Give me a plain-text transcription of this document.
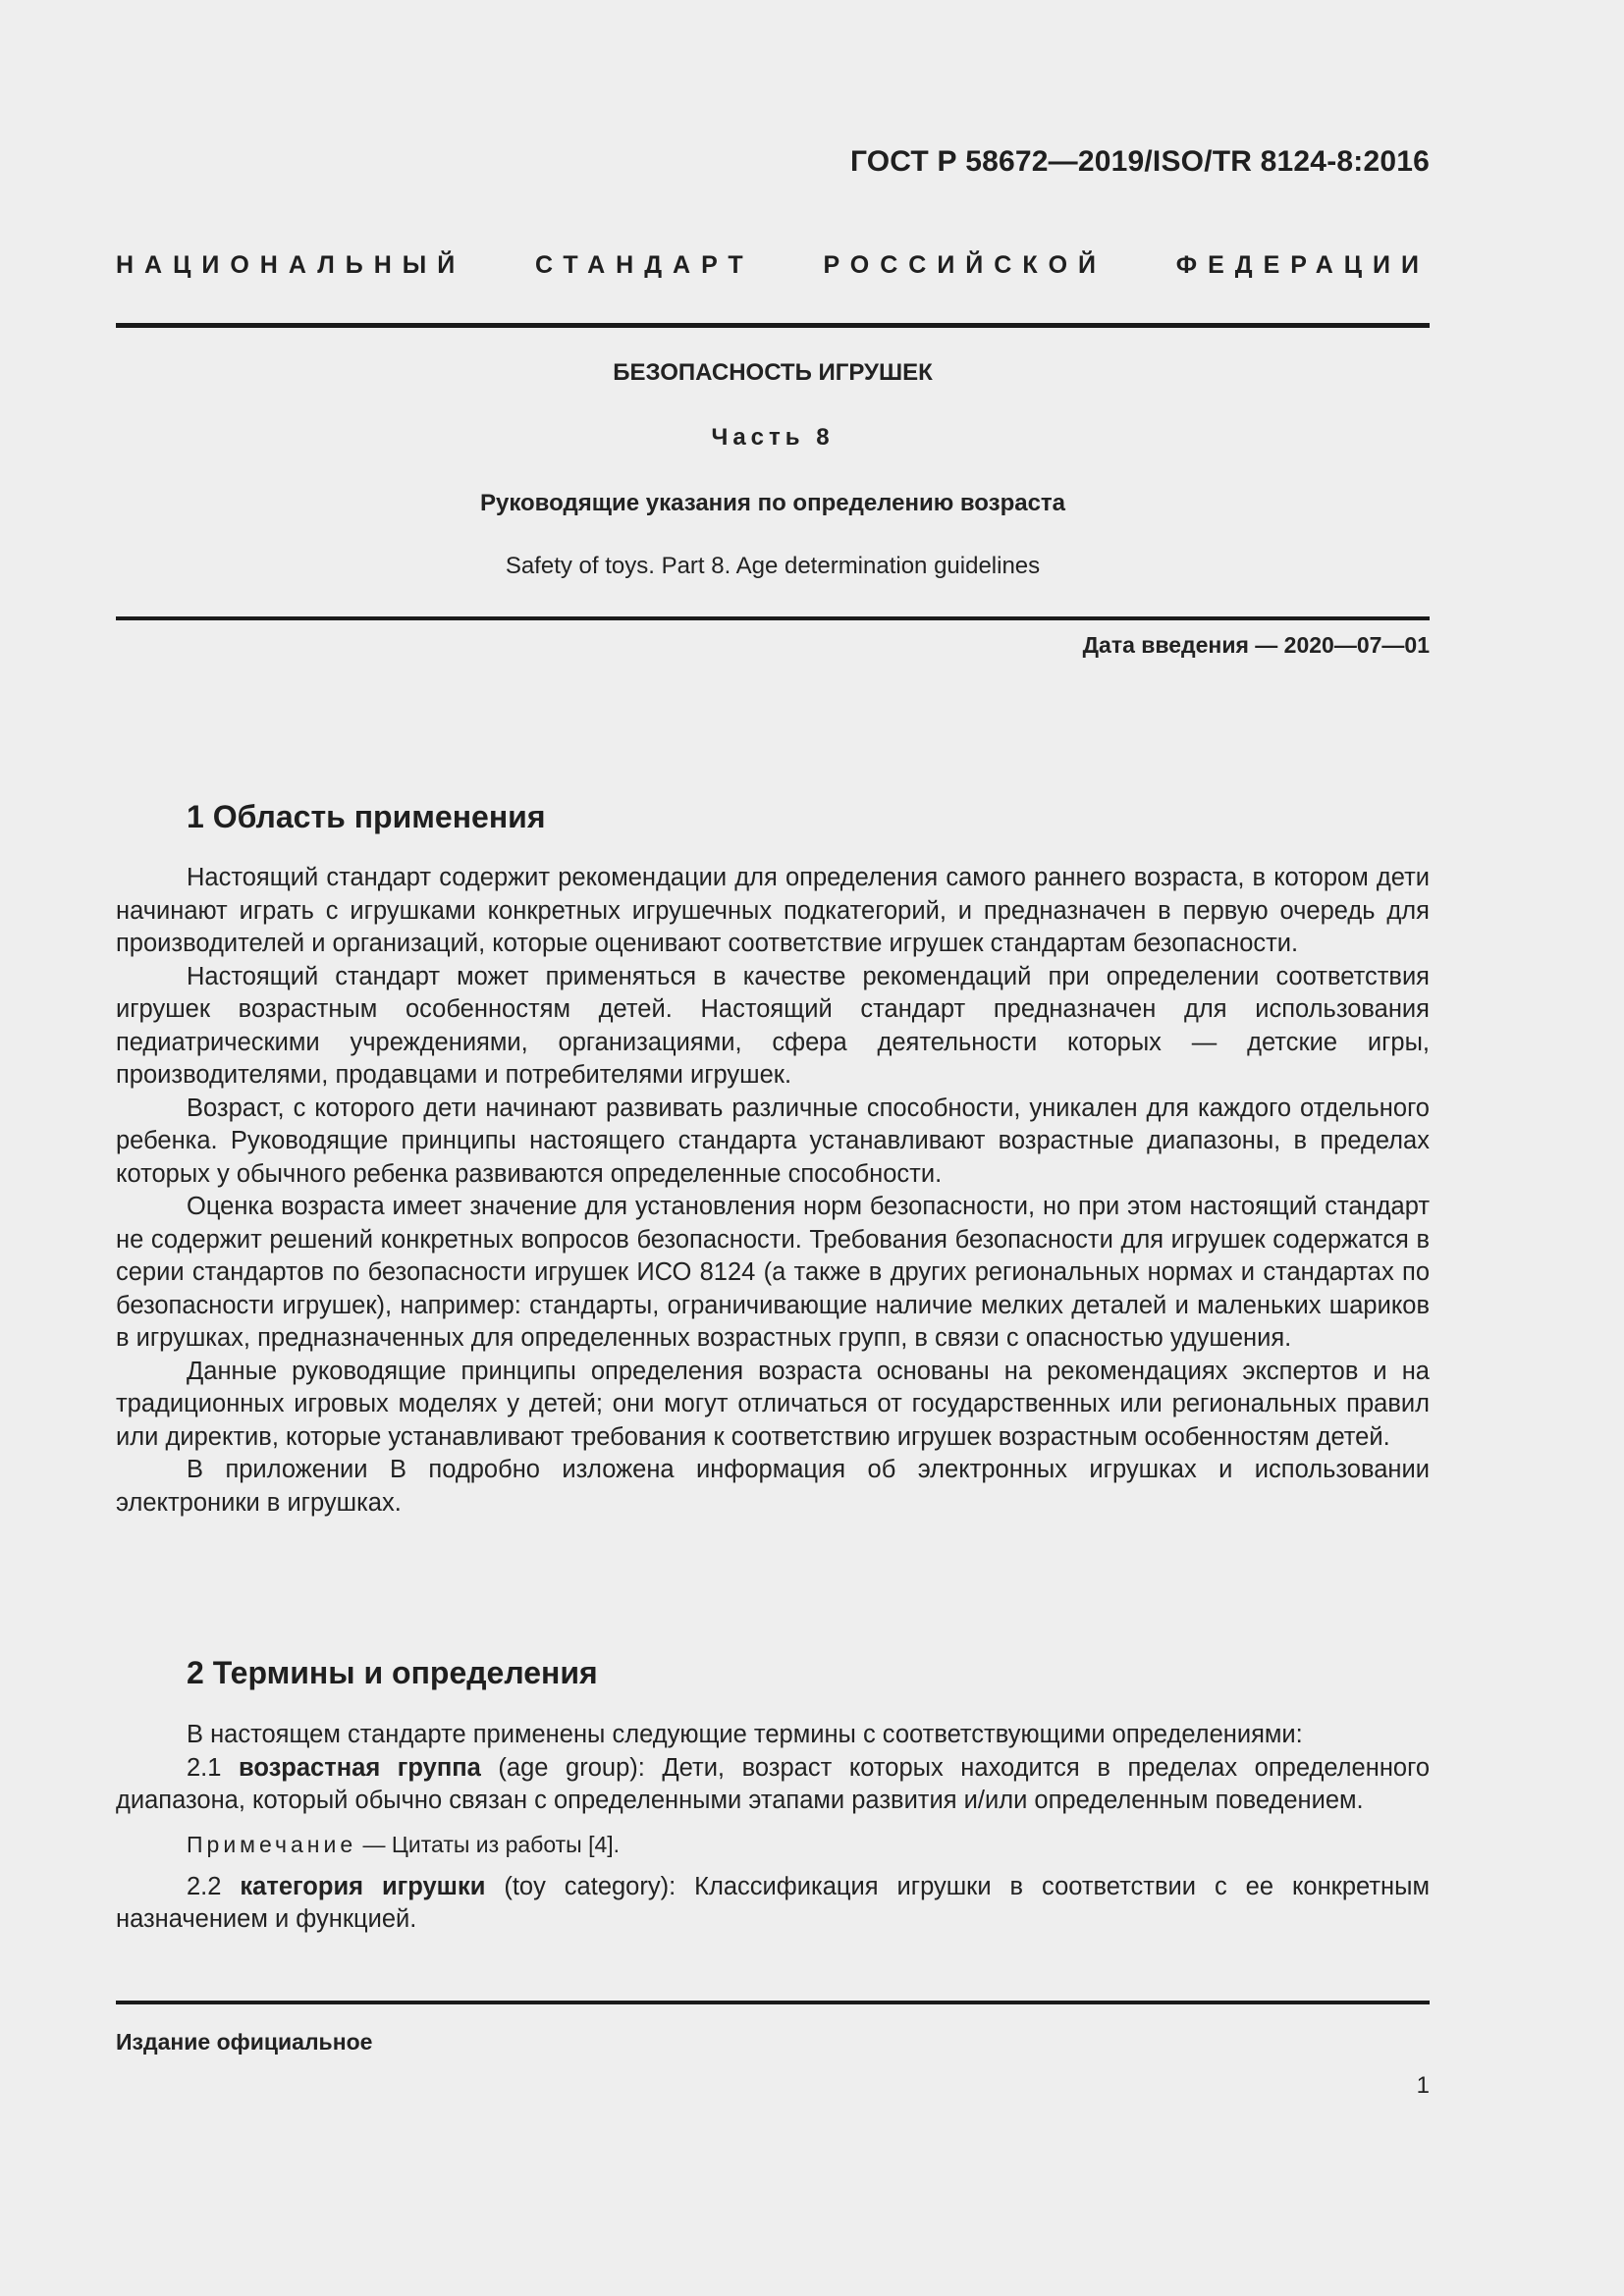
ГОСТ Р 58672—2019/ISO/TR 8124-8:2016
НАЦИОНАЛЬНЫЙ СТАНДАРТ РОССИЙСКОЙ ФЕДЕРАЦИИ
БЕЗОПАСНОСТЬ ИГРУШЕК
Часть 8
Руководящие указания по определению возраста
Safety of toys. Part 8. Age determination guidelines
Дата введения — 2020—07—01
1 Область применения

Настоящий стандарт содержит рекомендации для определения самого раннего возраста, в котором дети начинают играть с игрушками конкретных игрушечных подкатегорий, и предназначен в первую очередь для производителей и организаций, которые оценивают соответствие игрушек стандартам безопасности.

Настоящий стандарт может применяться в качестве рекомендаций при определении соответствия игрушек возрастным особенностям детей. Настоящий стандарт предназначен для использования педиатрическими учреждениями, организациями, сфера деятельности которых — детские игры, производителями, продавцами и потребителями игрушек.

Возраст, с которого дети начинают развивать различные способности, уникален для каждого отдельного ребенка. Руководящие принципы настоящего стандарта устанавливают возрастные диапазоны, в пределах которых у обычного ребенка развиваются определенные способности.

Оценка возраста имеет значение для установления норм безопасности, но при этом настоящий стандарт не содержит решений конкретных вопросов безопасности. Требования безопасности для игрушек содержатся в серии стандартов по безопасности игрушек ИСО 8124 (а также в других региональных нормах и стандартах по безопасности игрушек), например: стандарты, ограничивающие наличие мелких деталей и маленьких шариков в игрушках, предназначенных для определенных возрастных групп, в связи с опасностью удушения.

Данные руководящие принципы определения возраста основаны на рекомендациях экспертов и на традиционных игровых моделях у детей; они могут отличаться от государственных или региональных правил или директив, которые устанавливают требования к соответствию игрушек возрастным особенностям детей.

В приложении В подробно изложена информация об электронных игрушках и использовании электроники в игрушках.

2 Термины и определения

В настоящем стандарте применены следующие термины с соответствующими определениями:

2.1 возрастная группа (age group): Дети, возраст которых находится в пределах определенного диапазона, который обычно связан с определенными этапами развития и/или определенным поведением.

Примечание — Цитаты из работы [4].

2.2 категория игрушки (toy category): Классификация игрушки в соответствии с ее конкретным назначением и функцией.

Издание официальное
1
